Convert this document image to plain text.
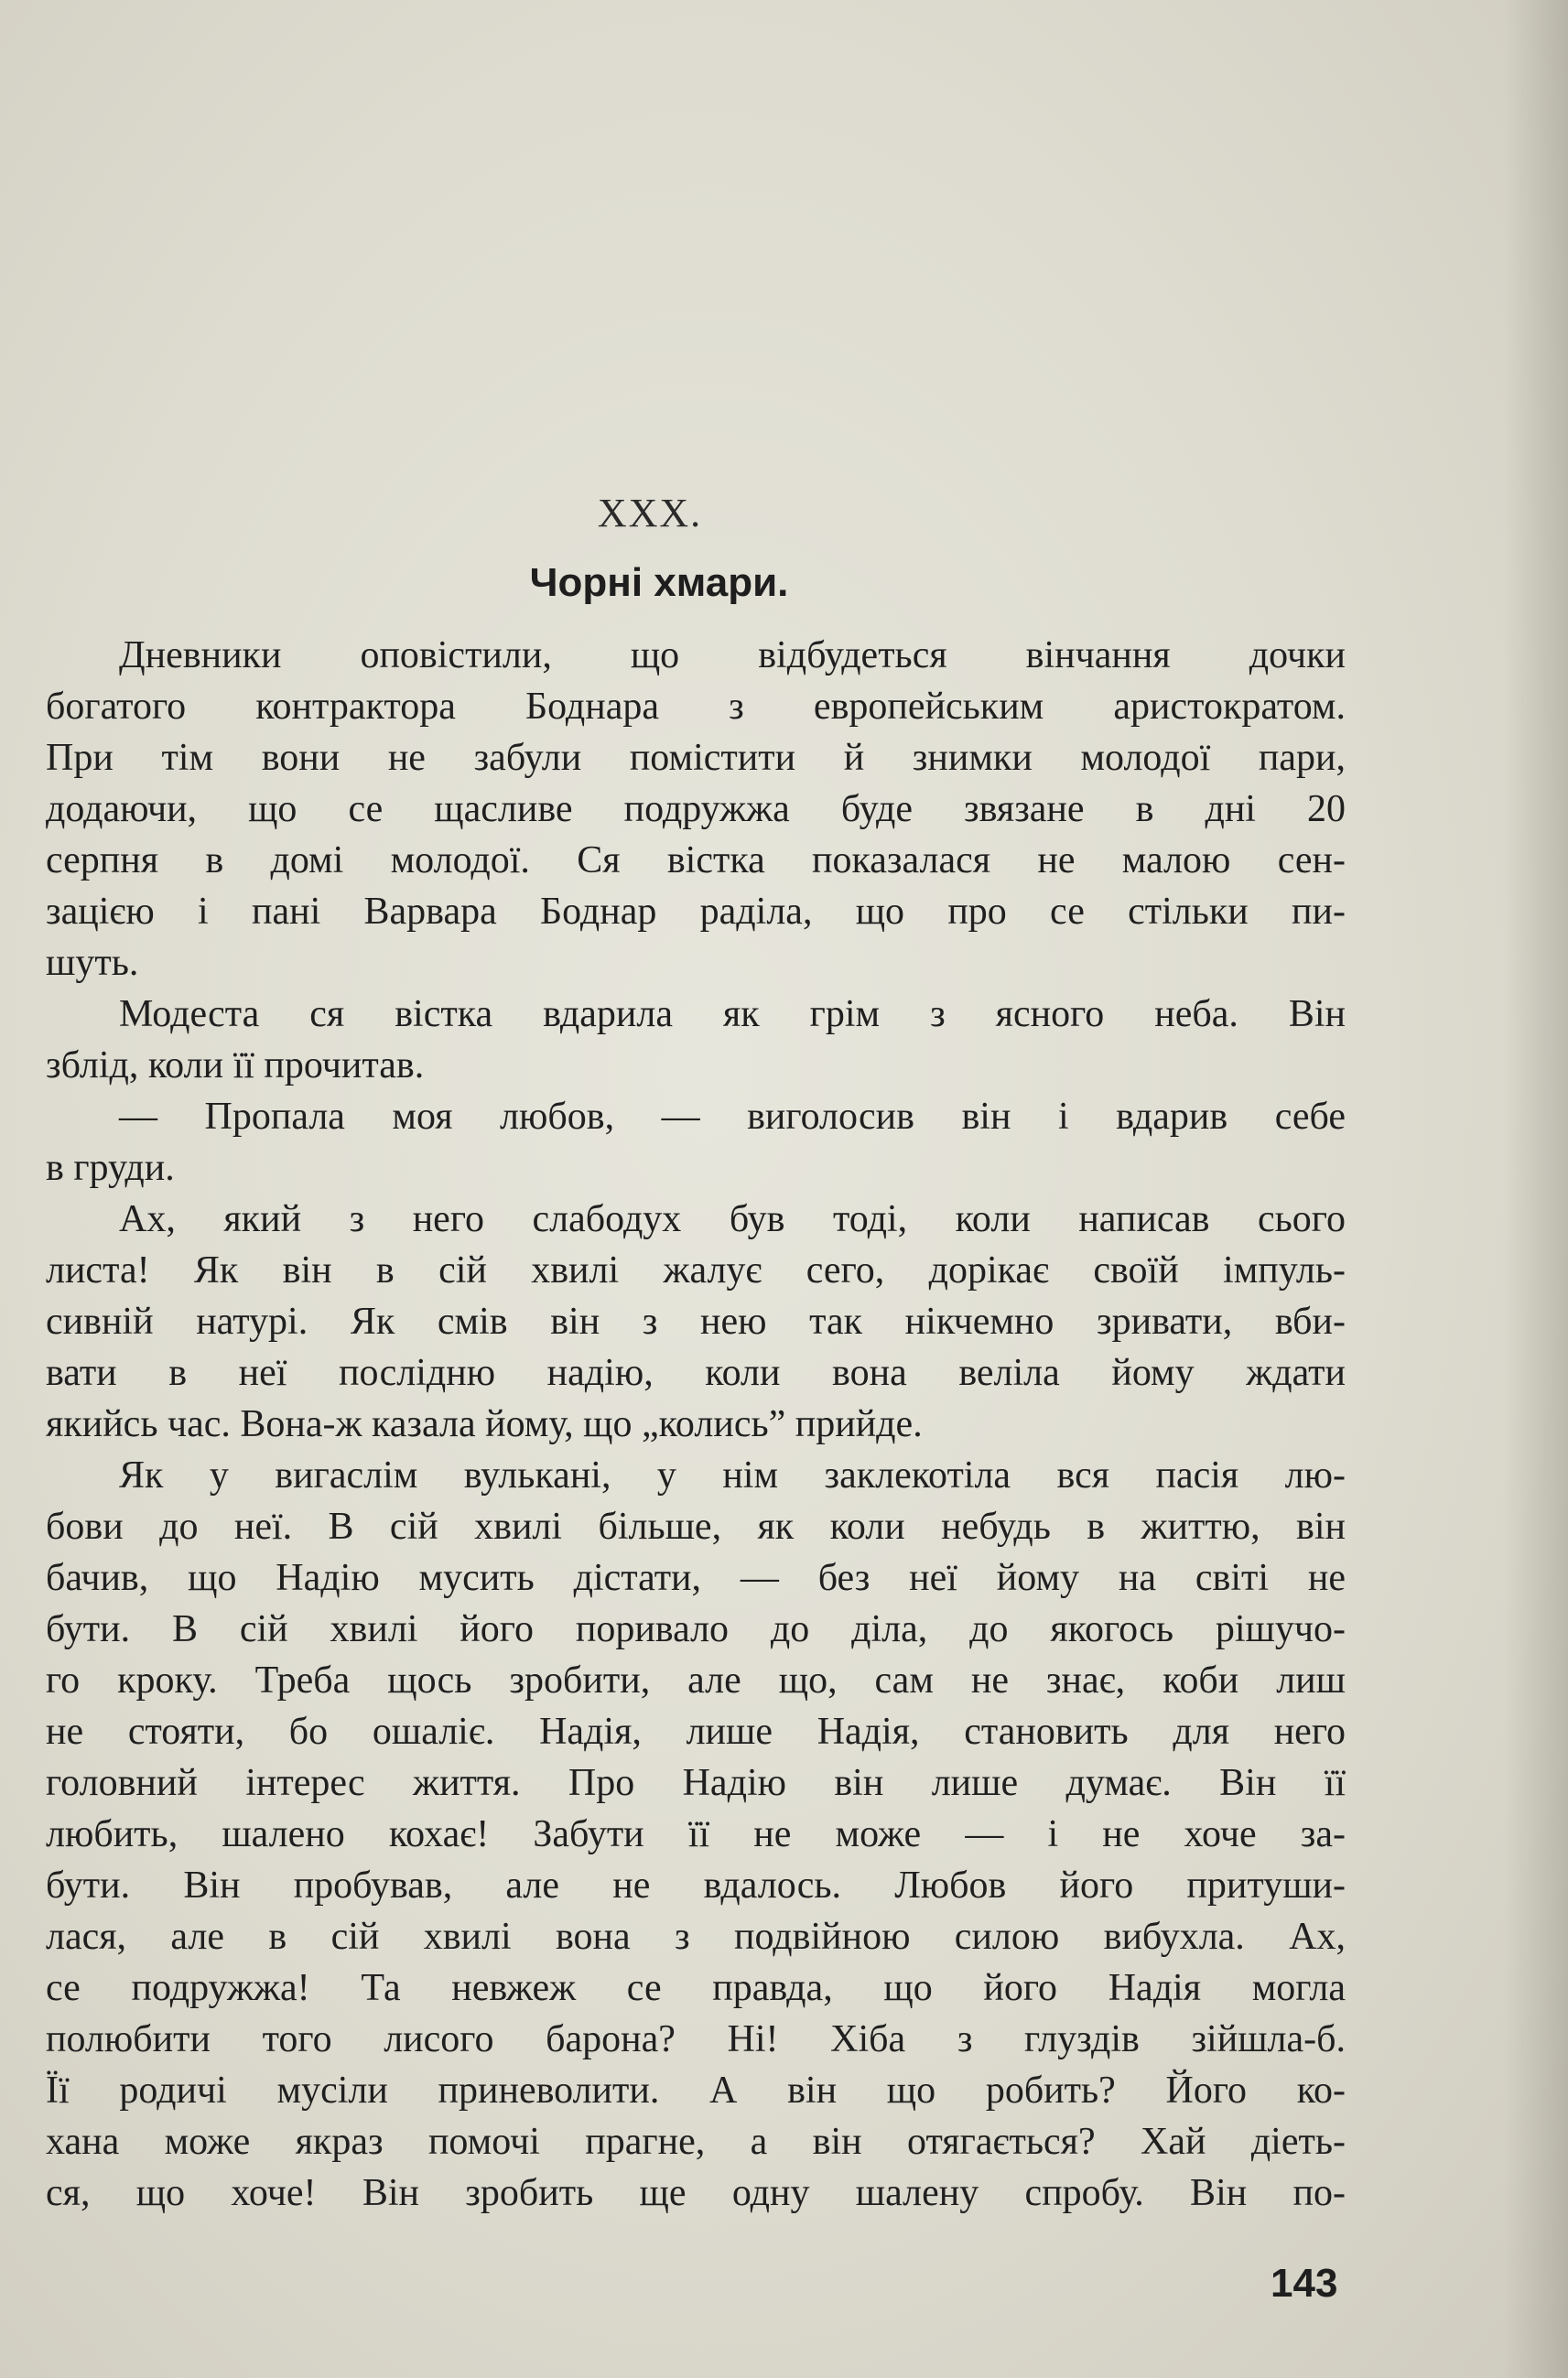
XXX.
Чорні хмари.
Дневники оповістили, що відбудеться вінчання дочки
богатого контрактора Боднара з европейським аристократом.
При тім вони не забули помістити й знимки молодої пари,
додаючи, що се щасливе подружжа буде звязане в дні 20
серпня в домі молодої. Ся вістка показалася не малою сен-
зацією і пані Варвара Боднар раділа, що про се стільки пи-
шуть.
Модеста ся вістка вдарила як грім з ясного неба. Він
зблід, коли її прочитав.
— Пропала моя любов, — виголосив він і вдарив себе
в груди.
Ах, який з него слабодух був тоді, коли написав сього
листа! Як він в сій хвилі жалує сего, дорікає своїй імпуль-
сивній натурі. Як смів він з нею так нікчемно зривати, вби-
вати в неї послідню надію, коли вона веліла йому ждати
якийсь час. Вона-ж казала йому, що „колись” прийде.
Як у вигаслім вулькані, у нім заклекотіла вся пасія лю-
бови до неї. В сій хвилі більше, як коли небудь в життю, він
бачив, що Надію мусить дістати, — без неї йому на світі не
бути. В сій хвилі його поривало до діла, до якогось рішучо-
го кроку. Треба щось зробити, але що, сам не знає, коби лиш
не стояти, бо ошаліє. Надія, лише Надія, становить для него
головний інтерес життя. Про Надію він лише думає. Він її
любить, шалено кохає! Забути її не може — і не хоче за-
бути. Він пробував, але не вдалось. Любов його притуши-
лася, але в сій хвилі вона з подвійною силою вибухла. Ах,
се подружжа! Та невжеж се правда, що його Надія могла
полюбити того лисого барона? Ні! Хіба з глуздів зійшла-б.
Її родичі мусіли приневолити. А він що робить? Його ко-
хана може якраз помочі прагне, а він отягається? Хай діеть-
ся, що хоче! Він зробить ще одну шалену спробу. Він по-
143
